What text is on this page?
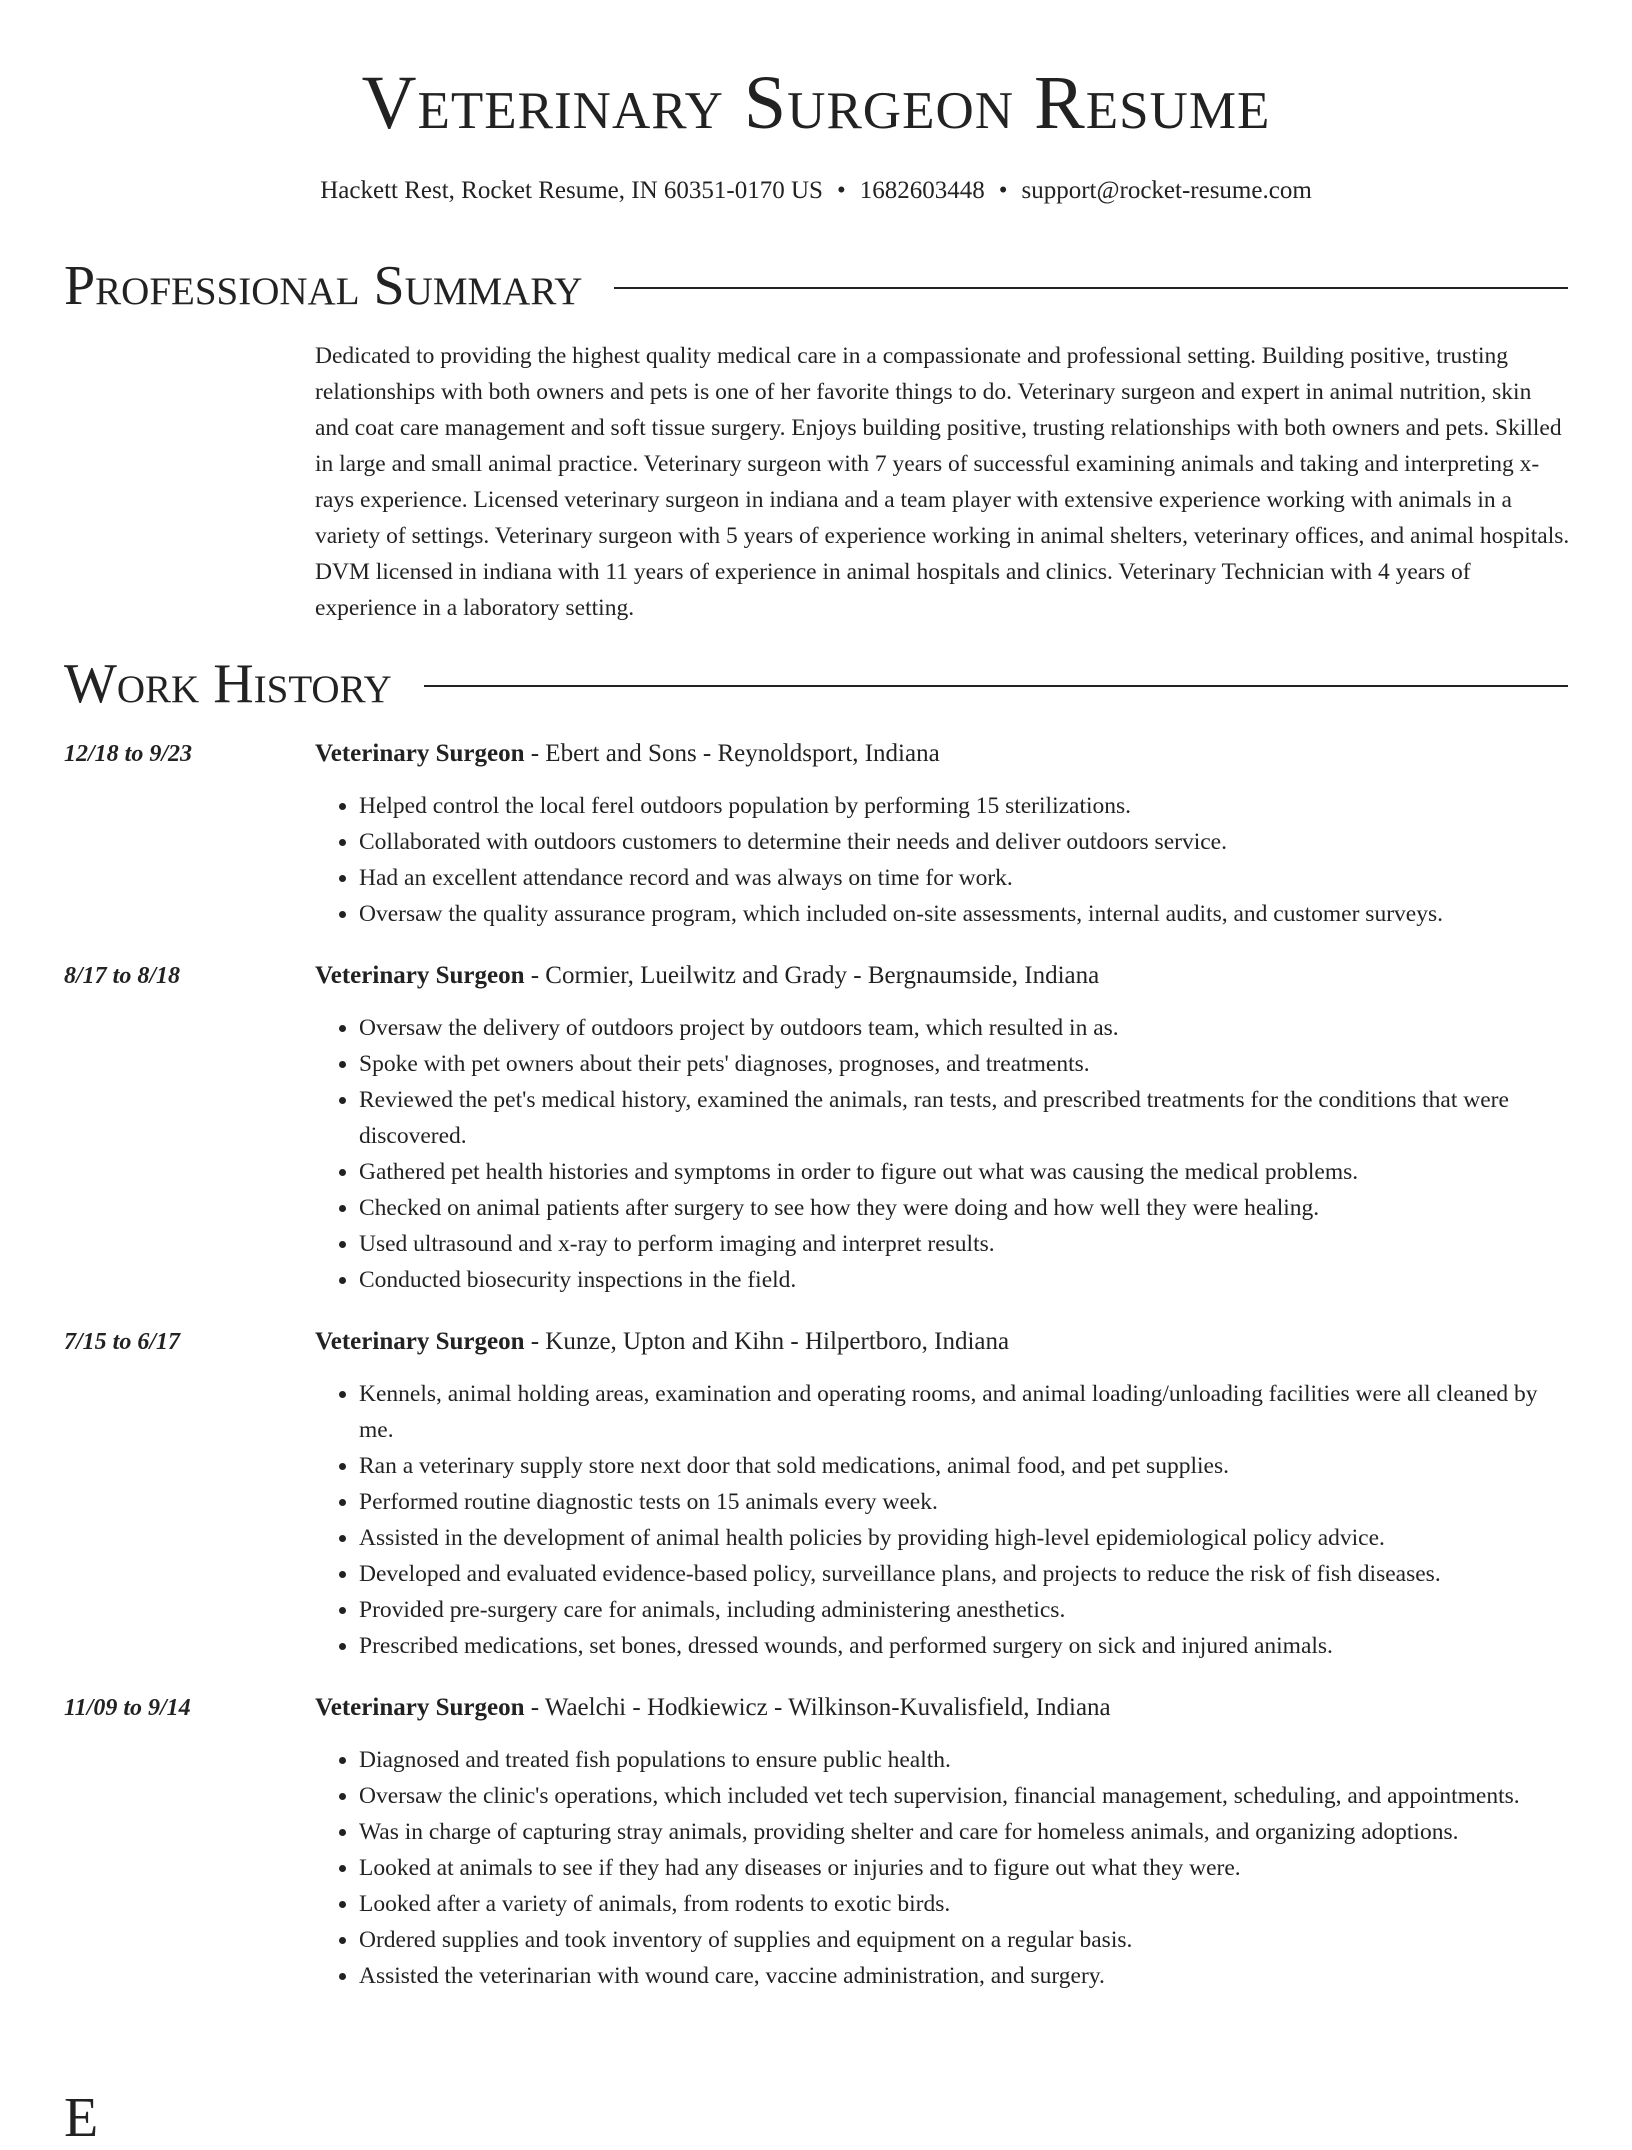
Veterinary Surgeon Resume
Hackett Rest, Rocket Resume, IN 60351-0170 US • 1682603448 • support@rocket-resume.com
Professional Summary

Dedicated to providing the highest quality medical care in a compassionate and professional setting. Building positive, trusting relationships with both owners and pets is one of her favorite things to do. Veterinary surgeon and expert in animal nutrition, skin and coat care management and soft tissue surgery. Enjoys building positive, trusting relationships with both owners and pets. Skilled in large and small animal practice. Veterinary surgeon with 7 years of successful examining animals and taking and interpreting x-rays experience. Licensed veterinary surgeon in indiana and a team player with extensive experience working with animals in a variety of settings. Veterinary surgeon with 5 years of experience working in animal shelters, veterinary offices, and animal hospitals. DVM licensed in indiana with 11 years of experience in animal hospitals and clinics. Veterinary Technician with 4 years of experience in a laboratory setting.

Work History
12/18 to 9/23	Veterinary Surgeon - Ebert and Sons - Reynoldsport, Indiana
• Helped control the local ferel outdoors population by performing 15 sterilizations.
• Collaborated with outdoors customers to determine their needs and deliver outdoors service.
• Had an excellent attendance record and was always on time for work.
• Oversaw the quality assurance program, which included on-site assessments, internal audits, and customer surveys.
8/17 to 8/18	Veterinary Surgeon - Cormier, Lueilwitz and Grady - Bergnaumside, Indiana
• Oversaw the delivery of outdoors project by outdoors team, which resulted in as.
• Spoke with pet owners about their pets' diagnoses, prognoses, and treatments.
• Reviewed the pet's medical history, examined the animals, ran tests, and prescribed treatments for the conditions that were discovered.
• Gathered pet health histories and symptoms in order to figure out what was causing the medical problems.
• Checked on animal patients after surgery to see how they were doing and how well they were healing.
• Used ultrasound and x-ray to perform imaging and interpret results.
• Conducted biosecurity inspections in the field.
7/15 to 6/17	Veterinary Surgeon - Kunze, Upton and Kihn - Hilpertboro, Indiana
• Kennels, animal holding areas, examination and operating rooms, and animal loading/unloading facilities were all cleaned by me.
• Ran a veterinary supply store next door that sold medications, animal food, and pet supplies.
• Performed routine diagnostic tests on 15 animals every week.
• Assisted in the development of animal health policies by providing high-level epidemiological policy advice.
• Developed and evaluated evidence-based policy, surveillance plans, and projects to reduce the risk of fish diseases.
• Provided pre-surgery care for animals, including administering anesthetics.
• Prescribed medications, set bones, dressed wounds, and performed surgery on sick and injured animals.
11/09 to 9/14	Veterinary Surgeon - Waelchi - Hodkiewicz - Wilkinson-Kuvalisfield, Indiana
• Diagnosed and treated fish populations to ensure public health.
• Oversaw the clinic's operations, which included vet tech supervision, financial management, scheduling, and appointments.
• Was in charge of capturing stray animals, providing shelter and care for homeless animals, and organizing adoptions.
• Looked at animals to see if they had any diseases or injuries and to figure out what they were.
• Looked after a variety of animals, from rodents to exotic birds.
• Ordered supplies and took inventory of supplies and equipment on a regular basis.
• Assisted the veterinarian with wound care, vaccine administration, and surgery.
E
